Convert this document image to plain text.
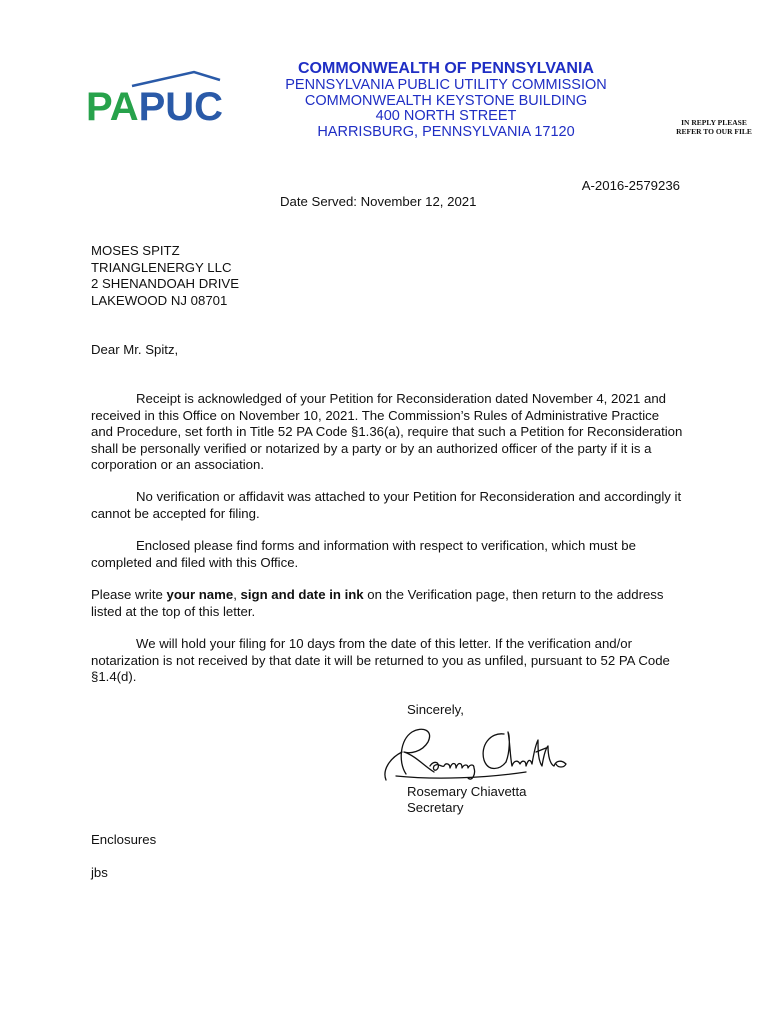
PAPUC
COMMONWEALTH OF PENNSYLVANIA
PENNSYLVANIA PUBLIC UTILITY COMMISSION
COMMONWEALTH KEYSTONE BUILDING
400 NORTH STREET
HARRISBURG, PENNSYLVANIA 17120
IN REPLY PLEASE
REFER TO OUR FILE
A-2016-2579236
Date Served: November 12, 2021
MOSES SPITZ
TRIANGLENERGY LLC
2 SHENANDOAH DRIVE
LAKEWOOD NJ 08701
Dear Mr. Spitz,

Receipt is acknowledged of your Petition for Reconsideration dated November 4, 2021 and received in this Office on November 10, 2021. The Commission’s Rules of Administrative Practice and Procedure, set forth in Title 52 PA Code §1.36(a), require that such a Petition for Reconsideration shall be personally verified or notarized by a party or by an authorized officer of the party if it is a corporation or an association.

No verification or affidavit was attached to your Petition for Reconsideration and accordingly it cannot be accepted for filing.

Enclosed please find forms and information with respect to verification, which must be completed and filed with this Office.

Please write your name, sign and date in ink on the Verification page, then return to the address listed at the top of this letter.

We will hold your filing for 10 days from the date of this letter. If the verification and/or notarization is not received by that date it will be returned to you as unfiled, pursuant to 52 PA Code §1.4(d).

Sincerely,
Rosemary Chiavetta
Secretary
Enclosures
jbs
